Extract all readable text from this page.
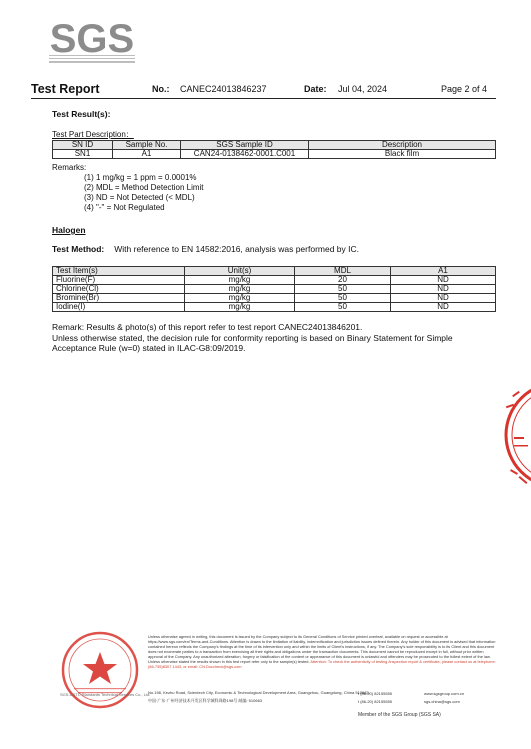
SGS
Test Report	No.: CANEC24013846237	Date: Jul 04, 2024	Page 2 of 4
Test Result(s):
Test Part Description：
SN ID	Sample No.	SGS Sample ID	Description
SN1	A1	CAN24-0138462-0001.C001	Black film
Remarks:
(1) 1 mg/kg = 1 ppm = 0.0001%
(2) MDL = Method Detection Limit
(3) ND = Not Detected (< MDL)
(4) "-" = Not Regulated
Halogen
Test Method: With reference to EN 14582:2016, analysis was performed by IC.
Test Item(s)	Unit(s)	MDL	A1
Fluorine(F)	mg/kg	20	ND
Chlorine(Cl)	mg/kg	50	ND
Bromine(Br)	mg/kg	50	ND
Iodine(I)	mg/kg	50	ND
Remark: Results & photo(s) of this report refer to test report CANEC24013846201.
Unless otherwise stated, the decision rule for conformity reporting is based on Binary Statement for Simple Acceptance Rule (w=0) stated in ILAC-G8:09/2019.
Unless otherwise agreed in writing, this document is issued by the Company subject to its General Conditions of Service printed overleaf, available on request or accessible at https://www.sgs.com/en/Terms-and-Conditions. Attention is drawn to the limitation of liability, indemnification and jurisdiction issues defined therein. Any holder of this document is advised that information contained hereon reflects the Company's findings at the time of its intervention only and within the limits of Client's instructions, if any. The Company's sole responsibility is to its Client and this document does not exonerate parties to a transaction from exercising all their rights and obligations under the transaction documents. This document cannot be reproduced except in full, without prior written approval of the Company. Any unauthorized alteration, forgery or falsification of the content or appearance of this document is unlawful and offenders may be prosecuted to the fullest extent of the law. Unless otherwise stated the results shown in this test report refer only to the sample(s) tested. Attention: To check the authenticity of testing /inspection report & certificate, please contact us at telephone: (86-755)8307 1443, or email: CN.Doccheck@sgs.com
SGS-CSTC Standards Technical Services Co., Ltd.
No.198, Kezhu Road, Scientech City, Economic & Technological Development Area, Guangzhou, Guangdong, China 510663
中国·广东·广州经济技术开发区科学城科珠路198号 邮编: 510663
t (86-20) 82155555
t (86-20) 82155555
www.sgsgroup.com.cn
sgs.china@sgs.com
Member of the SGS Group (SGS SA)
